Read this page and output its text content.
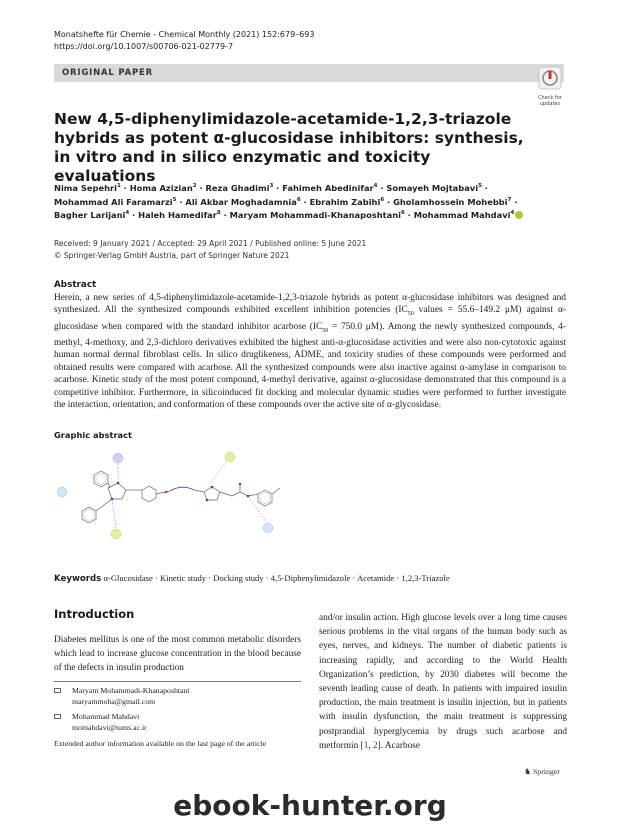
Monatshefte für Chemie - Chemical Monthly (2021) 152:679–693
https://doi.org/10.1007/s00706-021-02779-7
ORIGINAL PAPER
Check for updates
New 4,5-diphenylimidazole-acetamide-1,2,3-triazole hybrids as potent α-glucosidase inhibitors: synthesis, in vitro and in silico enzymatic and toxicity evaluations
Nima Sepehri$^1$ · Homa Azizian$^2$ · Reza Ghadimi$^3$ · Fahimeh Abedinifar$^4$ · Somayeh Mojtabavi$^5$ · Mohammad Ali Faramarzi$^5$ · Ali Akbar Moghadamnia$^6$ · Ebrahim Zabihi$^6$ · Gholamhossein Mohebbi$^7$ · Bagher Larijani$^4$ · Haleh Hamedifar$^8$ · Maryam Mohammadi-Khanaposhtani$^6$ · Mohammad Mahdavi$^4$
Received: 9 January 2021 / Accepted: 29 April 2021 / Published online: 5 June 2021
© Springer-Verlag GmbH Austria, part of Springer Nature 2021
Abstract
Herein, a new series of 4,5-diphenylimidazole-acetamide-1,2,3-triazole hybrids as potent α-glucosidase inhibitors was designed and synthesized. All the synthesized compounds exhibited excellent inhibition potencies ($IC_{50}$ values = 55.6–149.2 μM) against α-glucosidase when compared with the standard inhibitor acarbose ($IC_{50} = 750.0$ μM). Among the newly synthesized compounds, 4-methyl, 4-methoxy, and 2,3-dichloro derivatives exhibited the highest anti-α-glucosidase activities and were also non-cytotoxic against human normal dermal fibroblast cells. In silico druglikeness, ADME, and toxicity studies of these compounds were performed and obtained results were compared with acarbose. All the synthesized compounds were also inactive against α-amylase in comparison to acarbose. Kinetic study of the most potent compound, 4-methyl derivative, against α-glucosidase demonstrated that this compound is a competitive inhibitor. Furthermore, in silicoinduced fit docking and molecular dynamic studies were performed to further investigate the interaction, orientation, and conformation of these compounds over the active site of α-glycosidase.
Graphic abstract
Keywords α-Glucosidase · Kinetic study · Docking study · 4,5-Diphenylimidazole · Acetamide · 1,2,3-Triazole
Introduction
Diabetes mellitus is one of the most common metabolic disorders which lead to increase glucose concentration in the blood because of the defects in insulin production
and/or insulin action. High glucose levels over a long time causes serious problems in the vital organs of the human body such as eyes, nerves, and kidneys. The number of diabetic patients is increasing rapidly, and according to the World Health Organization’s prediction, by 2030 diabetes will become the seventh leading cause of death. In patients with impaired insulin production, the main treatment is insulin injection, but in patients with insulin dysfunction, the main treatment is suppressing postprandial hyperglycemia by drugs such acarbose and metformin [1, 2]. Acarbose
Maryam Mohammadi-Khanaposhtani
maryammoha@gmail.com
Mohammad Mahdavi
momahdavi@tums.ac.ir
Extended author information available on the last page of the article
♞ Springer
ebook-hunter.org
